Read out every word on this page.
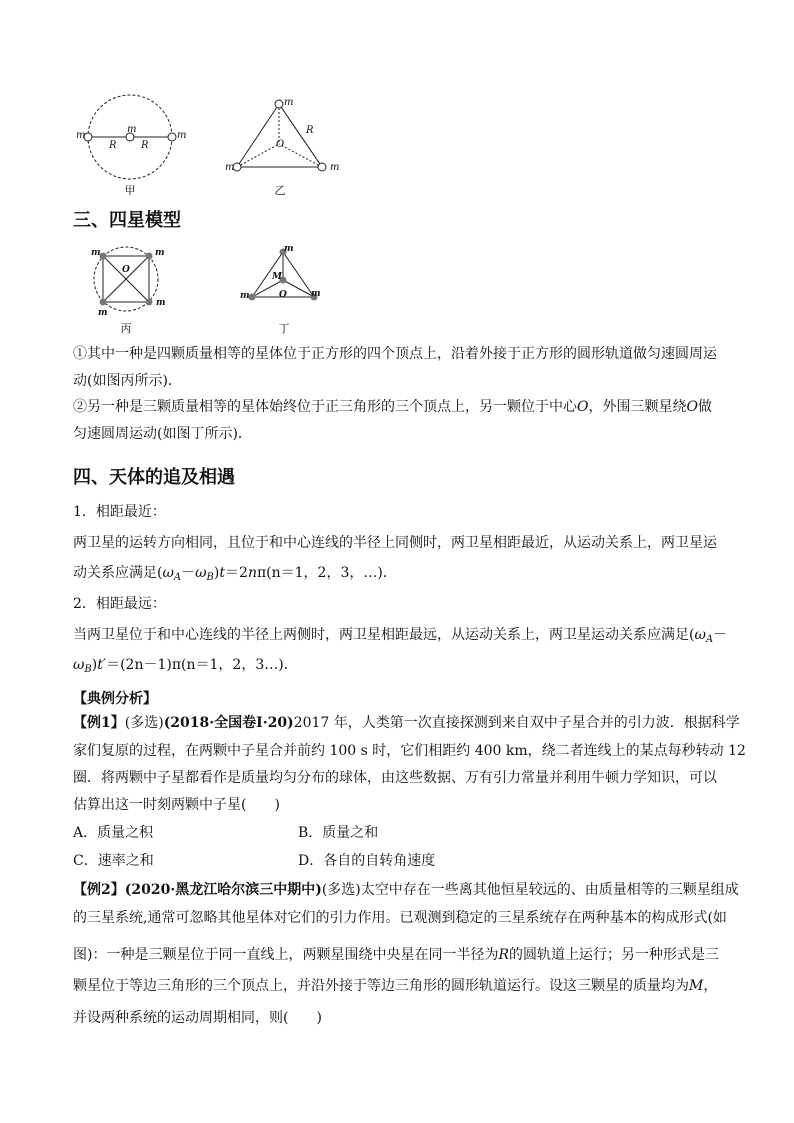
m
m
m
R R
甲
m
R
O
m	m
乙
三、四星模型
m	m
m
m
O
丙
m
M
O
m	m
丁
①其中一种是四颗质量相等的星体位于正方形的四个顶点上，沿着外接于正方形的圆形轨道做匀速圆周运
动(如图丙所示)．
②另一种是三颗质量相等的星体始终位于正三角形的三个顶点上，另一颗位于中心O，外围三颗星绕O做
匀速圆周运动(如图丁所示)．
四、天体的追及相遇
1．相距最近：
两卫星的运转方向相同，且位于和中心连线的半径上同侧时，两卫星相距最近，从运动关系上，两卫星运
动关系应满足$(\omega_A-\omega_B)t=2n\pi(n=1$，2，3，…)．
2．相距最远：
当两卫星位于和中心连线的半径上两侧时，两卫星相距最远，从运动关系上，两卫星运动关系应满足($\omega_A-$
$\omega_B)t'=(2n-1)\pi(n=1$，2，3…)．
【典例分析】
【例1】(多选)(2018·全国卷Ⅰ·20)2017 年，人类第一次直接探测到来自双中子星合并的引力波．根据科学
家们复原的过程，在两颗中子星合并前约 100 s 时，它们相距约 400 km，绕二者连线上的某点每秒转动 12
圈．将两颗中子星都看作是质量均匀分布的球体，由这些数据、万有引力常量并利用牛顿力学知识，可以
估算出这一时刻两颗中子星(　　)
A．质量之积	B．质量之和
C．速率之和	D．各自的自转角速度
【例2】(2020·黑龙江哈尔滨三中期中)(多选)太空中存在一些离其他恒星较远的、由质量相等的三颗星组成
的三星系统,通常可忽略其他星体对它们的引力作用。已观测到稳定的三星系统存在两种基本的构成形式(如
图)：一种是三颗星位于同一直线上，两颗星围绕中央星在同一半径为R的圆轨道上运行；另一种形式是三
颗星位于等边三角形的三个顶点上，并沿外接于等边三角形的圆形轨道运行。设这三颗星的质量均为M，
并设两种系统的运动周期相同，则(　　)
